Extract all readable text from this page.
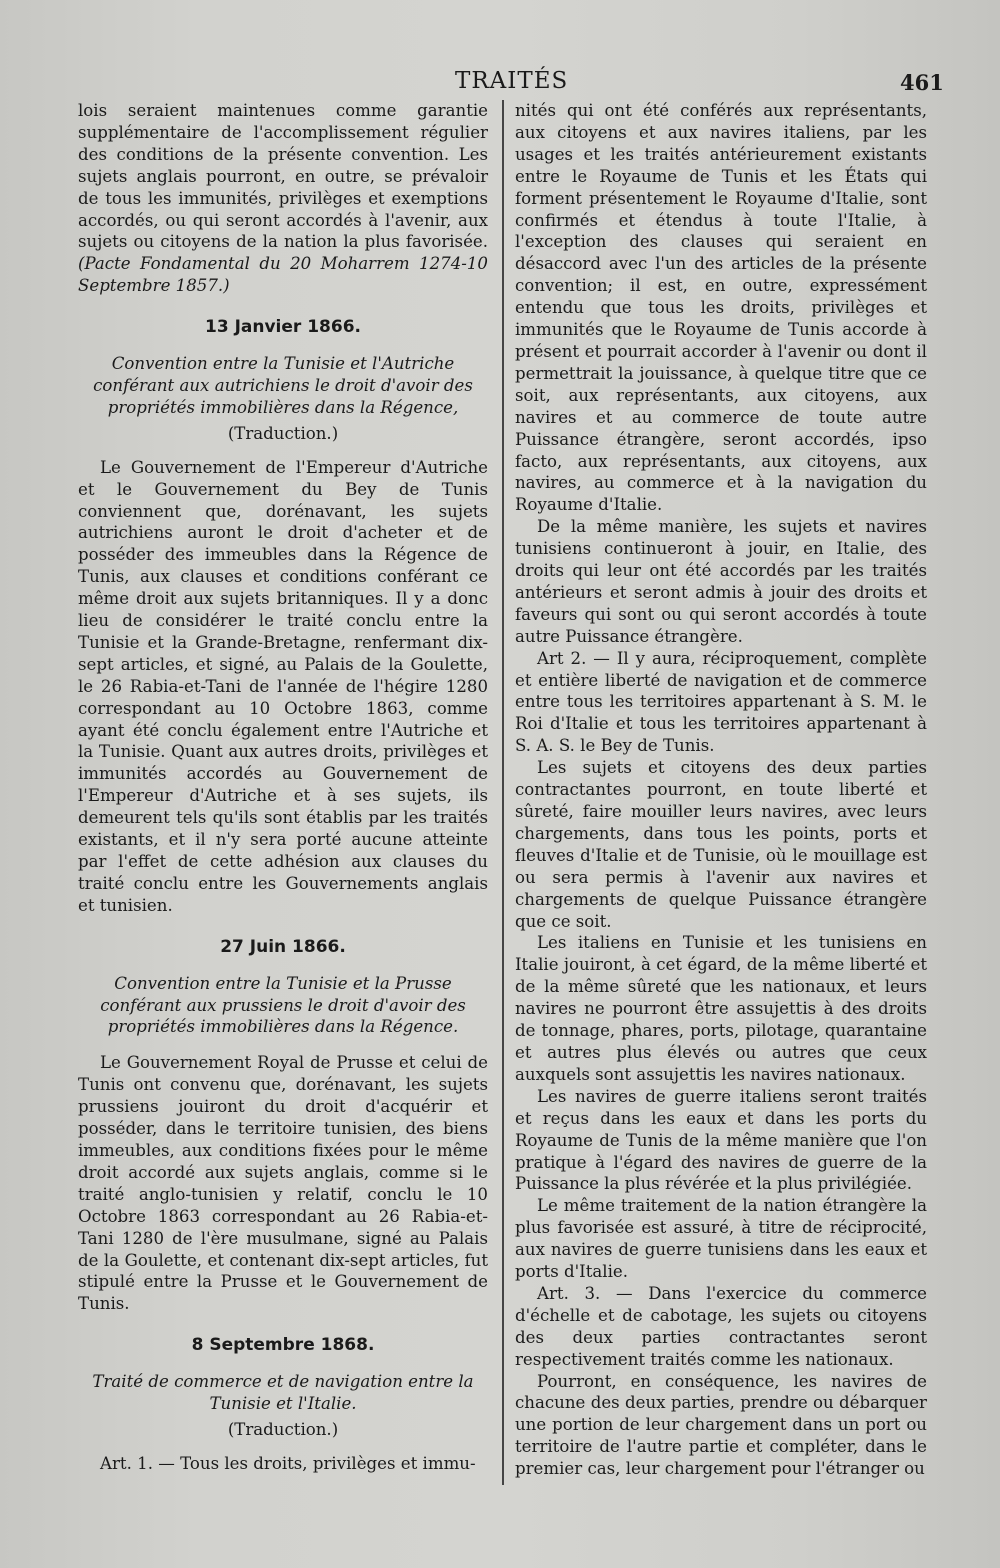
TRAITÉS	461

lois seraient maintenues comme garantie supplémentaire de l'accomplissement régulier des conditions de la présente convention. Les sujets anglais pourront, en outre, se prévaloir de tous les immunités, privilèges et exemptions accordés, ou qui seront accordés à l'avenir, aux sujets ou citoyens de la nation la plus favorisée. (Pacte Fondamental du 20 Moharrem 1274-10 Septembre 1857.)

13 Janvier 1866.

Convention entre la Tunisie et l'Autriche conférant aux autrichiens le droit d'avoir des propriétés immobilières dans la Régence,

(Traduction.)

Le Gouvernement de l'Empereur d'Autriche et le Gouvernement du Bey de Tunis conviennent que, dorénavant, les sujets autrichiens auront le droit d'acheter et de posséder des immeubles dans la Régence de Tunis, aux clauses et conditions conférant ce même droit aux sujets britanniques. Il y a donc lieu de considérer le traité conclu entre la Tunisie et la Grande-Bretagne, renfermant dix-sept articles, et signé, au Palais de la Goulette, le 26 Rabia-et-Tani de l'année de l'hégire 1280 correspondant au 10 Octobre 1863, comme ayant été conclu également entre l'Autriche et la Tunisie. Quant aux autres droits, privilèges et immunités accordés au Gouvernement de l'Empereur d'Autriche et à ses sujets, ils demeurent tels qu'ils sont établis par les traités existants, et il n'y sera porté aucune atteinte par l'effet de cette adhésion aux clauses du traité conclu entre les Gouvernements anglais et tunisien.

27 Juin 1866.

Convention entre la Tunisie et la Prusse conférant aux prussiens le droit d'avoir des propriétés immobilières dans la Régence.

Le Gouvernement Royal de Prusse et celui de Tunis ont convenu que, dorénavant, les sujets prussiens jouiront du droit d'acquérir et posséder, dans le territoire tunisien, des biens immeubles, aux conditions fixées pour le même droit accordé aux sujets anglais, comme si le traité anglo-tunisien y relatif, conclu le 10 Octobre 1863 correspondant au 26 Rabia-et-Tani 1280 de l'ère musulmane, signé au Palais de la Goulette, et contenant dix-sept articles, fut stipulé entre la Prusse et le Gouvernement de Tunis.

8 Septembre 1868.

Traité de commerce et de navigation entre la Tunisie et l'Italie.

(Traduction.)

Art. 1. — Tous les droits, privilèges et immu-

nités qui ont été conférés aux représentants, aux citoyens et aux navires italiens, par les usages et les traités antérieurement existants entre le Royaume de Tunis et les États qui forment présentement le Royaume d'Italie, sont confirmés et étendus à toute l'Italie, à l'exception des clauses qui seraient en désaccord avec l'un des articles de la présente convention; il est, en outre, expressément entendu que tous les droits, privilèges et immunités que le Royaume de Tunis accorde à présent et pourrait accorder à l'avenir ou dont il permettrait la jouissance, à quelque titre que ce soit, aux représentants, aux citoyens, aux navires et au commerce de toute autre Puissance étrangère, seront accordés, ipso facto, aux représentants, aux citoyens, aux navires, au commerce et à la navigation du Royaume d'Italie.

De la même manière, les sujets et navires tunisiens continueront à jouir, en Italie, des droits qui leur ont été accordés par les traités antérieurs et seront admis à jouir des droits et faveurs qui sont ou qui seront accordés à toute autre Puissance étrangère.

Art 2. — Il y aura, réciproquement, complète et entière liberté de navigation et de commerce entre tous les territoires appartenant à S. M. le Roi d'Italie et tous les territoires appartenant à S. A. S. le Bey de Tunis.

Les sujets et citoyens des deux parties contractantes pourront, en toute liberté et sûreté, faire mouiller leurs navires, avec leurs chargements, dans tous les points, ports et fleuves d'Italie et de Tunisie, où le mouillage est ou sera permis à l'avenir aux navires et chargements de quelque Puissance étrangère que ce soit.

Les italiens en Tunisie et les tunisiens en Italie jouiront, à cet égard, de la même liberté et de la même sûreté que les nationaux, et leurs navires ne pourront être assujettis à des droits de tonnage, phares, ports, pilotage, quarantaine et autres plus élevés ou autres que ceux auxquels sont assujettis les navires nationaux.

Les navires de guerre italiens seront traités et reçus dans les eaux et dans les ports du Royaume de Tunis de la même manière que l'on pratique à l'égard des navires de guerre de la Puissance la plus révérée et la plus privilégiée.

Le même traitement de la nation étrangère la plus favorisée est assuré, à titre de réciprocité, aux navires de guerre tunisiens dans les eaux et ports d'Italie.

Art. 3. — Dans l'exercice du commerce d'échelle et de cabotage, les sujets ou citoyens des deux parties contractantes seront respectivement traités comme les nationaux.

Pourront, en conséquence, les navires de chacune des deux parties, prendre ou débarquer une portion de leur chargement dans un port ou territoire de l'autre partie et compléter, dans le premier cas, leur chargement pour l'étranger ou
